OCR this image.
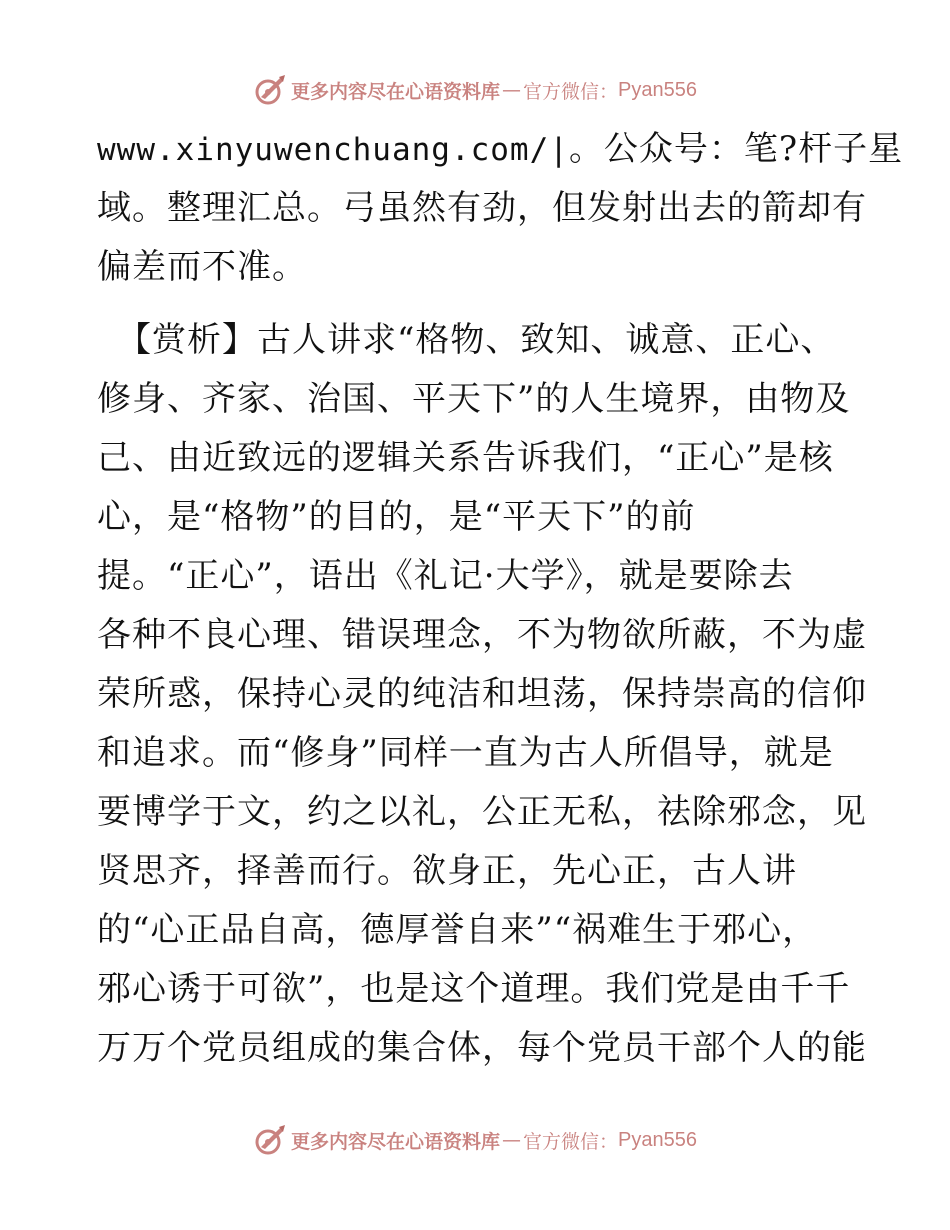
更多内容尽在心语资料库 — 官方微信： Pyan556
www.xinyuwenchuang.com/|。公众号：笔?杆子星
域。整理汇总。弓虽然有劲，但发射出去的箭却有
偏差而不准。
【赏析】古人讲求“格物、致知、诚意、正心、
修身、齐家、治国、平天下”的人生境界，由物及
己、由近致远的逻辑关系告诉我们，“正心”是核
心，是“格物”的目的，是“平天下”的前
提。“正心”，语出《礼记·大学》，就是要除去
各种不良心理、错误理念，不为物欲所蔽，不为虚
荣所惑，保持心灵的纯洁和坦荡，保持崇高的信仰
和追求。而“修身”同样一直为古人所倡导，就是
要博学于文，约之以礼，公正无私，祛除邪念，见
贤思齐，择善而行。欲身正，先心正，古人讲
的“心正品自高，德厚誉自来”“祸难生于邪心，
邪心诱于可欲”，也是这个道理。我们党是由千千
万万个党员组成的集合体，每个党员干部个人的能
更多内容尽在心语资料库 — 官方微信： Pyan556
